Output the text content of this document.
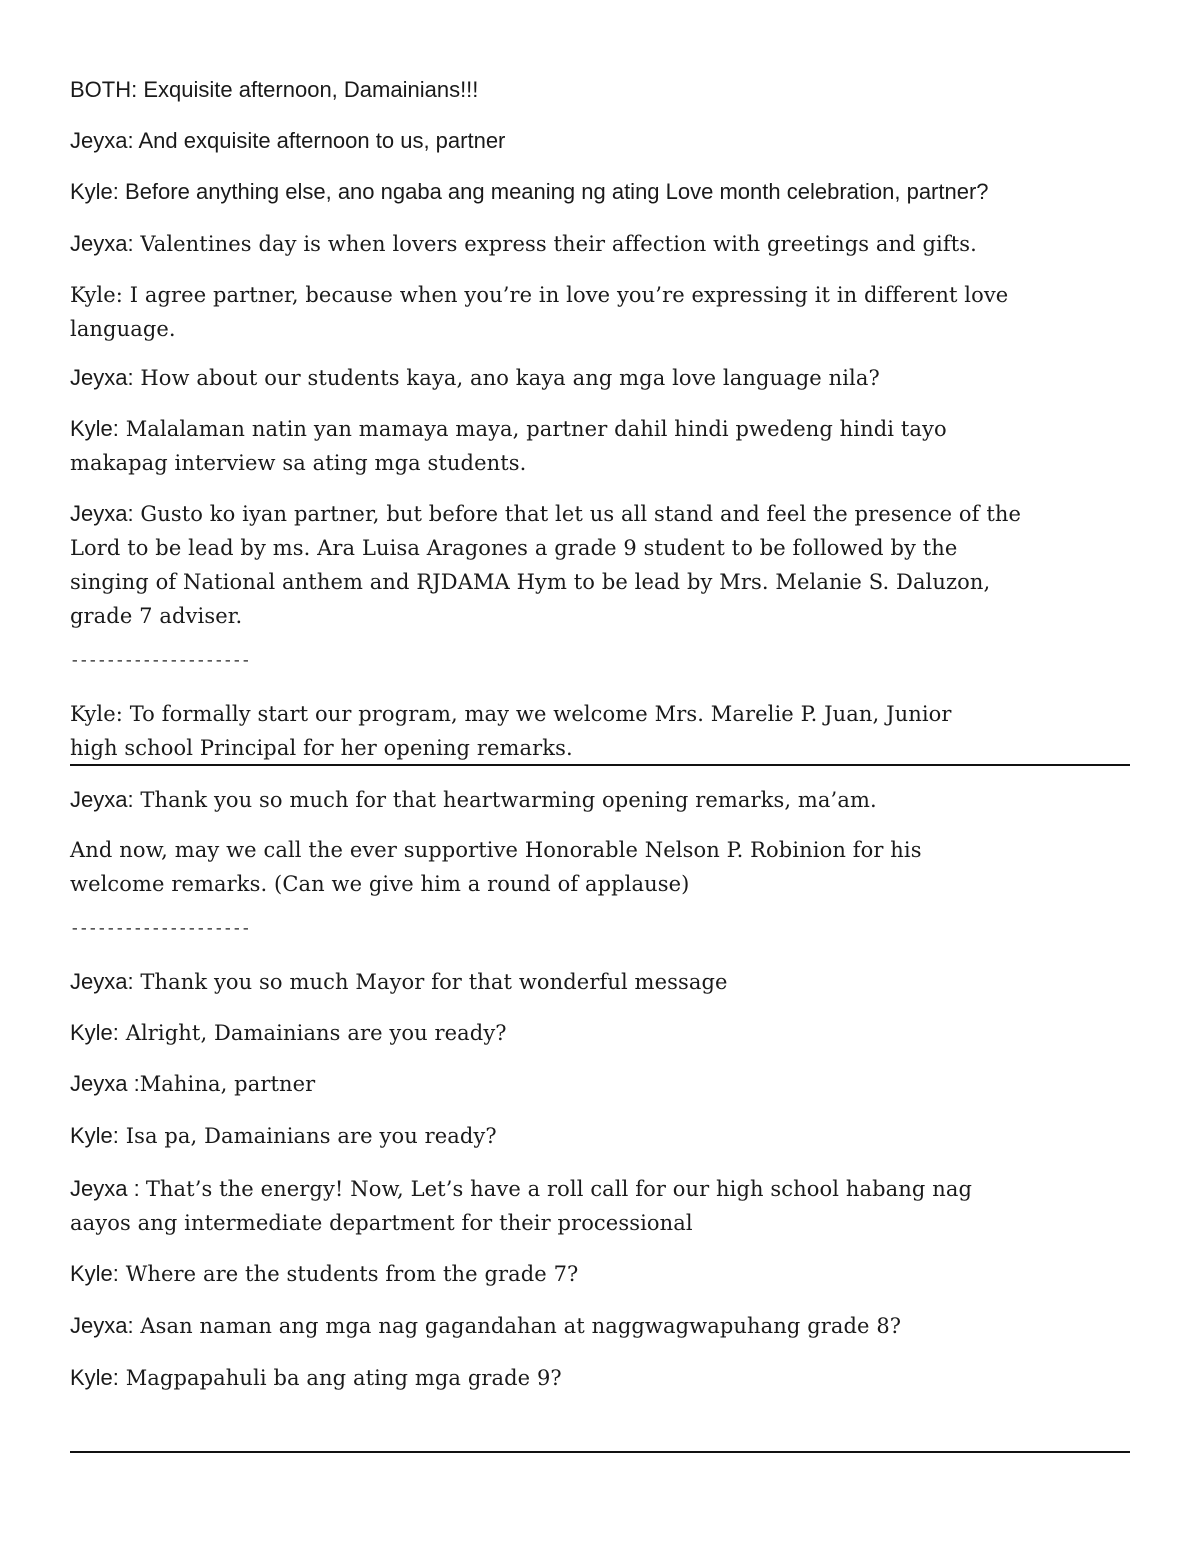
BOTH: Exquisite afternoon, Damainians!!!
Jeyxa: And exquisite afternoon to us, partner
Kyle: Before anything else, ano ngaba ang meaning ng ating Love month celebration, partner?
Jeyxa: Valentines day is when lovers express their affection with greetings and gifts.
Kyle: I agree partner, because when you’re in love you’re expressing it in different love
language.
Jeyxa: How about our students kaya, ano kaya ang mga love language nila?
Kyle: Malalaman natin yan mamaya maya, partner dahil hindi pwedeng hindi tayo
makapag interview sa ating mga students.
Jeyxa: Gusto ko iyan partner, but before that let us all stand and feel the presence of the
Lord to be lead by ms. Ara Luisa Aragones a grade 9 student to be followed by the
singing of National anthem and RJDAMA Hym to be lead by Mrs. Melanie S. Daluzon,
grade 7 adviser.
--------------------
Kyle: To formally start our program, may we welcome Mrs. Marelie P. Juan, Junior
high school Principal for her opening remarks.
Jeyxa: Thank you so much for that heartwarming opening remarks, ma’am.
And now, may we call the ever supportive Honorable Nelson P. Robinion for his
welcome remarks. (Can we give him a round of applause)
--------------------
Jeyxa: Thank you so much Mayor for that wonderful message
Kyle: Alright, Damainians are you ready?
Jeyxa :Mahina, partner
Kyle: Isa pa, Damainians are you ready?
Jeyxa : That’s the energy! Now, Let’s have a roll call for our high school habang nag
aayos ang intermediate department for their processional
Kyle: Where are the students from the grade 7?
Jeyxa: Asan naman ang mga nag gagandahan at naggwagwapuhang grade 8?
Kyle: Magpapahuli ba ang ating mga grade 9?
